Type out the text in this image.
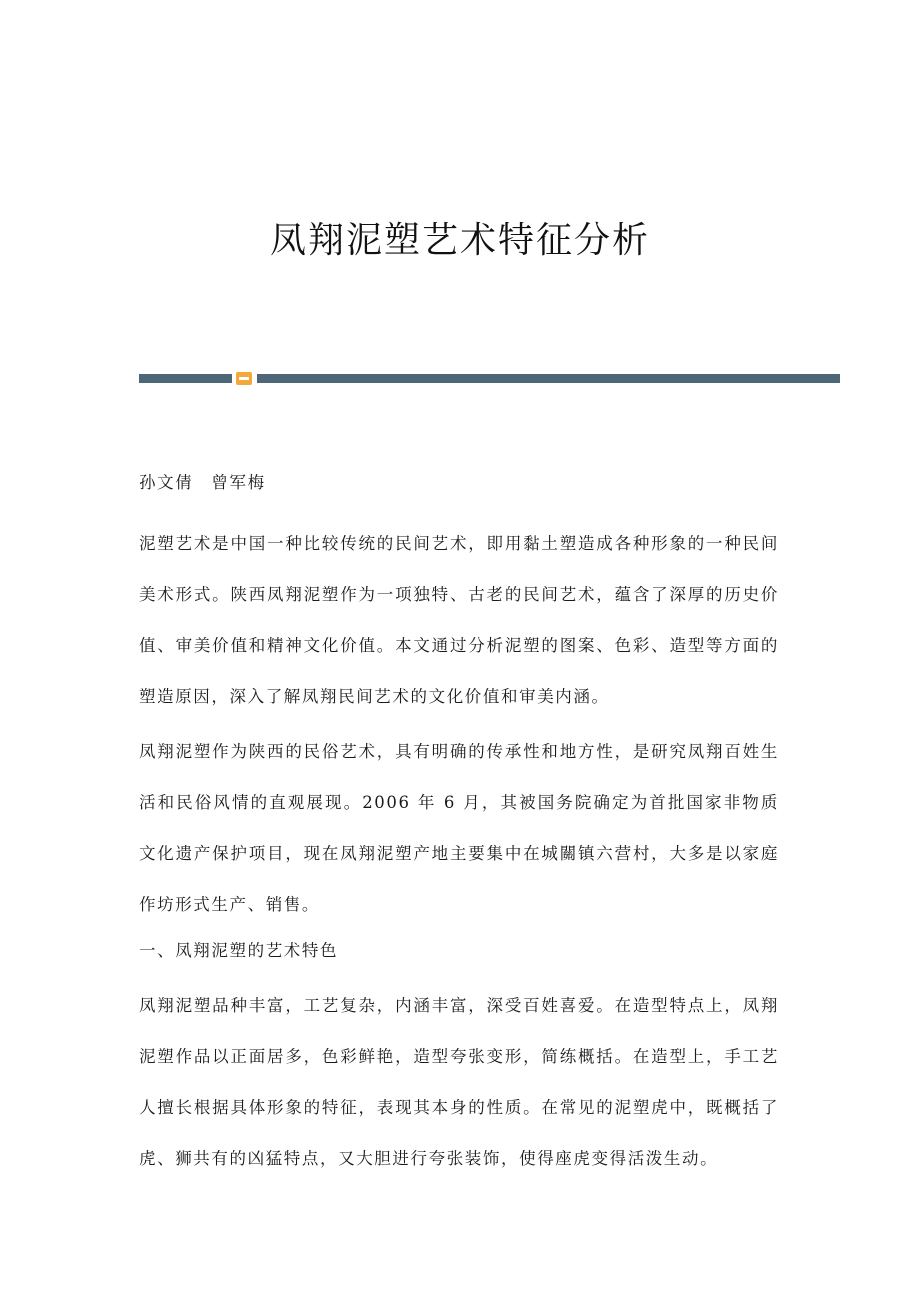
凤翔泥塑艺术特征分析

孙文倩　曾军梅

泥塑艺术是中国一种比较传统的民间艺术，即用黏土塑造成各种形象的一种民间美术形式。陕西凤翔泥塑作为一项独特、古老的民间艺术，蕴含了深厚的历史价值、审美价值和精神文化价值。本文通过分析泥塑的图案、色彩、造型等方面的塑造原因，深入了解凤翔民间艺术的文化价值和审美内涵。

凤翔泥塑作为陕西的民俗艺术，具有明确的传承性和地方性，是研究凤翔百姓生活和民俗风情的直观展现。2006 年 6 月，其被国务院确定为首批国家非物质文化遗产保护项目，现在凤翔泥塑产地主要集中在城關镇六营村，大多是以家庭作坊形式生产、销售。

一、凤翔泥塑的艺术特色

凤翔泥塑品种丰富，工艺复杂，内涵丰富，深受百姓喜爱。在造型特点上，凤翔泥塑作品以正面居多，色彩鲜艳，造型夸张变形，简练概括。在造型上，手工艺人擅长根据具体形象的特征，表现其本身的性质。在常见的泥塑虎中，既概括了虎、狮共有的凶猛特点，又大胆进行夸张装饰，使得座虎变得活泼生动。
